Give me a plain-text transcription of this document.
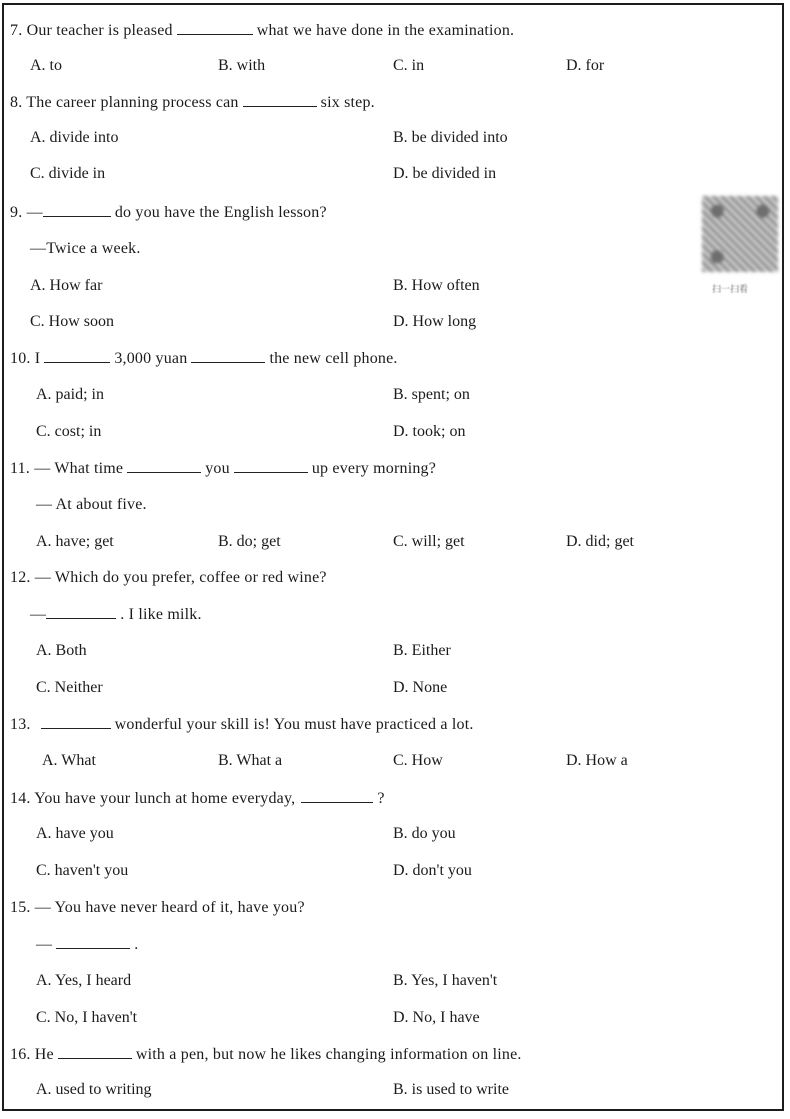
7. Our teacher is pleased	what we have done in the examination.
A. to	B. with	C. in	D. for
8. The career planning process can	six step.
A. divide into	B. be divided into
C. divide in	D. be divided in
9. —	do you have the English lesson?
—Twice a week.
A. How far	B. How often
C. How soon	D. How long
扫一扫看
10. I	3,000 yuan	the new cell phone.
A. paid; in	B. spent; on
C. cost; in	D. took; on
11. — What time	you	up every morning?
— At about five.
A. have; get	B. do; get	C. will; get	D. did; get
12. — Which do you prefer, coffee or red wine?
—	. I like milk.
A. Both	B. Either
C. Neither	D. None
13.	wonderful your skill is! You must have practiced a lot.
A. What	B. What a	C. How	D. How a
14. You have your lunch at home everyday,	?
A. have you	B. do you
C. haven't you	D. don't you
15. — You have never heard of it, have you?
—	.
A. Yes, I heard	B. Yes, I haven't
C. No, I haven't	D. No, I have
16. He	with a pen, but now he likes changing information on line.
A. used to writing	B. is used to write
